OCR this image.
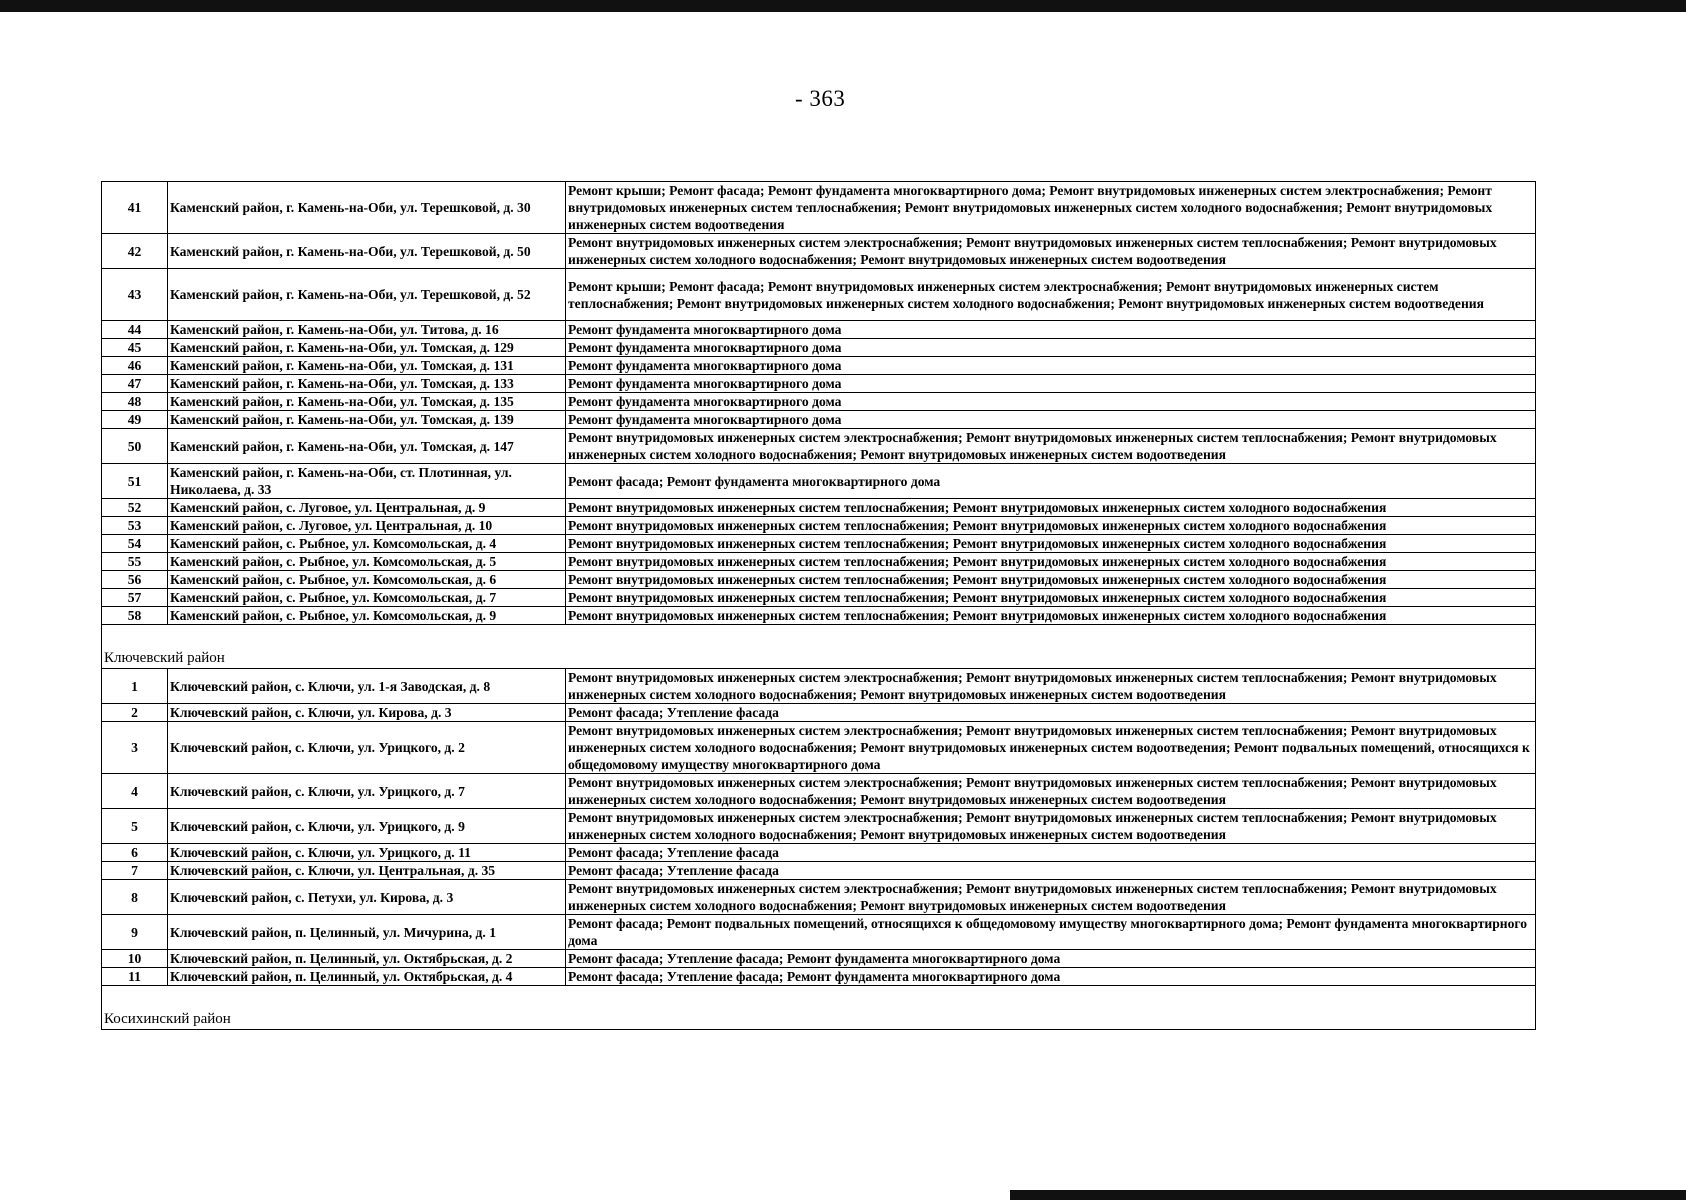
- 363
41	Каменский район, г. Камень-на-Оби, ул. Терешковой, д. 30	Ремонт крыши; Ремонт фасада; Ремонт фундамента многоквартирного дома; Ремонт внутридомовых инженерных систем электроснабжения; Ремонт внутридомовых инженерных систем теплоснабжения; Ремонт внутридомовых инженерных систем холодного водоснабжения; Ремонт внутридомовых инженерных систем водоотведения
42	Каменский район, г. Камень-на-Оби, ул. Терешковой, д. 50	Ремонт внутридомовых инженерных систем электроснабжения; Ремонт внутридомовых инженерных систем теплоснабжения; Ремонт внутридомовых инженерных систем холодного водоснабжения; Ремонт внутридомовых инженерных систем водоотведения
43	Каменский район, г. Камень-на-Оби, ул. Терешковой, д. 52	Ремонт крыши; Ремонт фасада; Ремонт внутридомовых инженерных систем электроснабжения; Ремонт внутридомовых инженерных систем теплоснабжения; Ремонт внутридомовых инженерных систем холодного водоснабжения; Ремонт внутридомовых инженерных систем водоотведения
44	Каменский район, г. Камень-на-Оби, ул. Титова, д. 16	Ремонт фундамента многоквартирного дома
45	Каменский район, г. Камень-на-Оби, ул. Томская, д. 129	Ремонт фундамента многоквартирного дома
46	Каменский район, г. Камень-на-Оби, ул. Томская, д. 131	Ремонт фундамента многоквартирного дома
47	Каменский район, г. Камень-на-Оби, ул. Томская, д. 133	Ремонт фундамента многоквартирного дома
48	Каменский район, г. Камень-на-Оби, ул. Томская, д. 135	Ремонт фундамента многоквартирного дома
49	Каменский район, г. Камень-на-Оби, ул. Томская, д. 139	Ремонт фундамента многоквартирного дома
50	Каменский район, г. Камень-на-Оби, ул. Томская, д. 147	Ремонт внутридомовых инженерных систем электроснабжения; Ремонт внутридомовых инженерных систем теплоснабжения; Ремонт внутридомовых инженерных систем холодного водоснабжения; Ремонт внутридомовых инженерных систем водоотведения
51	Каменский район, г. Камень-на-Оби, ст. Плотинная, ул. Николаева, д. 33	Ремонт фасада; Ремонт фундамента многоквартирного дома
52	Каменский район, с. Луговое, ул. Центральная, д. 9	Ремонт внутридомовых инженерных систем теплоснабжения; Ремонт внутридомовых инженерных систем холодного водоснабжения
53	Каменский район, с. Луговое, ул. Центральная, д. 10	Ремонт внутридомовых инженерных систем теплоснабжения; Ремонт внутридомовых инженерных систем холодного водоснабжения
54	Каменский район, с. Рыбное, ул. Комсомольская, д. 4	Ремонт внутридомовых инженерных систем теплоснабжения; Ремонт внутридомовых инженерных систем холодного водоснабжения
55	Каменский район, с. Рыбное, ул. Комсомольская, д. 5	Ремонт внутридомовых инженерных систем теплоснабжения; Ремонт внутридомовых инженерных систем холодного водоснабжения
56	Каменский район, с. Рыбное, ул. Комсомольская, д. 6	Ремонт внутридомовых инженерных систем теплоснабжения; Ремонт внутридомовых инженерных систем холодного водоснабжения
57	Каменский район, с. Рыбное, ул. Комсомольская, д. 7	Ремонт внутридомовых инженерных систем теплоснабжения; Ремонт внутридомовых инженерных систем холодного водоснабжения
58	Каменский район, с. Рыбное, ул. Комсомольская, д. 9	Ремонт внутридомовых инженерных систем теплоснабжения; Ремонт внутридомовых инженерных систем холодного водоснабжения

Ключевский район		
1	Ключевский район, с. Ключи, ул. 1-я Заводская, д. 8	Ремонт внутридомовых инженерных систем электроснабжения; Ремонт внутридомовых инженерных систем теплоснабжения; Ремонт внутридомовых инженерных систем холодного водоснабжения; Ремонт внутридомовых инженерных систем водоотведения
2	Ключевский район, с. Ключи, ул. Кирова, д. 3	Ремонт фасада; Утепление фасада
3	Ключевский район, с. Ключи, ул. Урицкого, д. 2	Ремонт внутридомовых инженерных систем электроснабжения; Ремонт внутридомовых инженерных систем теплоснабжения; Ремонт внутридомовых инженерных систем холодного водоснабжения; Ремонт внутридомовых инженерных систем водоотведения; Ремонт подвальных помещений, относящихся к общедомовому имуществу многоквартирного дома
4	Ключевский район, с. Ключи, ул. Урицкого, д. 7	Ремонт внутридомовых инженерных систем электроснабжения; Ремонт внутридомовых инженерных систем теплоснабжения; Ремонт внутридомовых инженерных систем холодного водоснабжения; Ремонт внутридомовых инженерных систем водоотведения
5	Ключевский район, с. Ключи, ул. Урицкого, д. 9	Ремонт внутридомовых инженерных систем электроснабжения; Ремонт внутридомовых инженерных систем теплоснабжения; Ремонт внутридомовых инженерных систем холодного водоснабжения; Ремонт внутридомовых инженерных систем водоотведения
6	Ключевский район, с. Ключи, ул. Урицкого, д. 11	Ремонт фасада; Утепление фасада
7	Ключевский район, с. Ключи, ул. Центральная, д. 35	Ремонт фасада; Утепление фасада
8	Ключевский район, с. Петухи, ул. Кирова, д. 3	Ремонт внутридомовых инженерных систем электроснабжения; Ремонт внутридомовых инженерных систем теплоснабжения; Ремонт внутридомовых инженерных систем холодного водоснабжения; Ремонт внутридомовых инженерных систем водоотведения
9	Ключевский район, п. Целинный, ул. Мичурина, д. 1	Ремонт фасада; Ремонт подвальных помещений, относящихся к общедомовому имуществу многоквартирного дома; Ремонт фундамента многоквартирного дома
10	Ключевский район, п. Целинный, ул. Октябрьская, д. 2	Ремонт фасада; Утепление фасада; Ремонт фундамента многоквартирного дома
11	Ключевский район, п. Целинный, ул. Октябрьская, д. 4	Ремонт фасада; Утепление фасада; Ремонт фундамента многоквартирного дома

Косихинский район		
